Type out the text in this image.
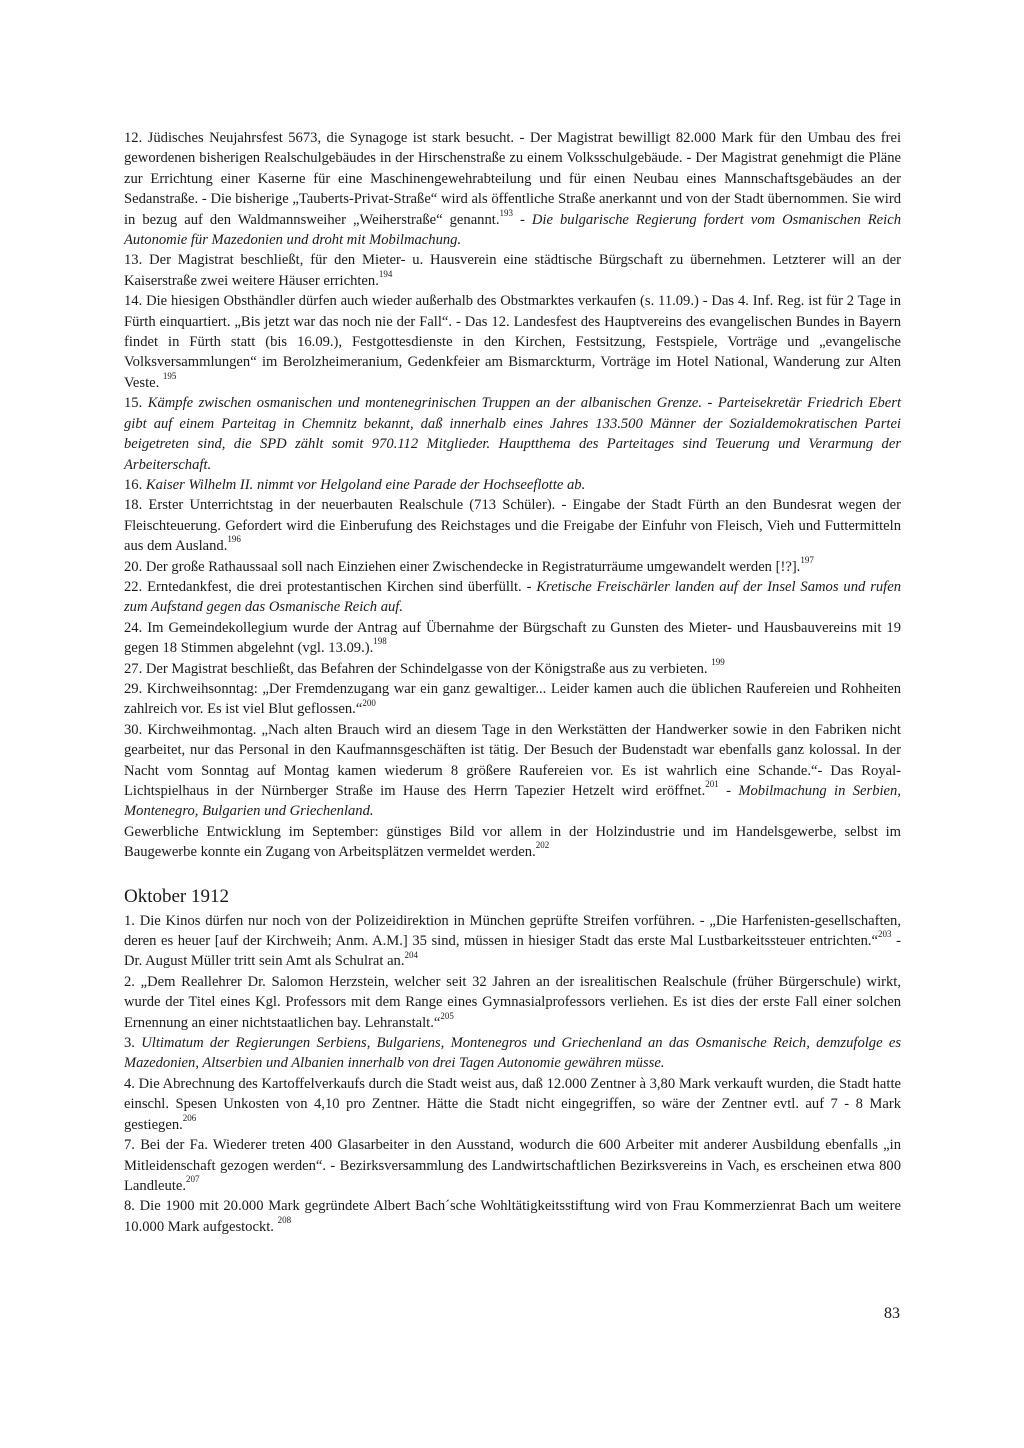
12. Jüdisches Neujahrsfest 5673, die Synagoge ist stark besucht. - Der Magistrat bewilligt 82.000 Mark für den Umbau des frei gewordenen bisherigen Realschulgebäudes in der Hirschenstraße zu einem Volksschulgebäude. - Der Magistrat genehmigt die Pläne zur Errichtung einer Kaserne für eine Maschinengewehrabteilung und für einen Neubau eines Mannschaftsgebäudes an der Sedanstraße. - Die bisherige „Tauberts-Privat-Straße“ wird als öffentliche Straße anerkannt und von der Stadt übernommen. Sie wird in bezug auf den Waldmannsweiher „Weiherstraße“ genannt.$^{193}$ - Die bulgarische Regierung fordert vom Osmanischen Reich Autonomie für Mazedonien und droht mit Mobilmachung.

13. Der Magistrat beschließt, für den Mieter- u. Hausverein eine städtische Bürgschaft zu übernehmen. Letzterer will an der Kaiserstraße zwei weitere Häuser errichten.$^{194}$

14. Die hiesigen Obsthändler dürfen auch wieder außerhalb des Obstmarktes verkaufen (s. 11.09.) - Das 4. Inf. Reg. ist für 2 Tage in Fürth einquartiert. „Bis jetzt war das noch nie der Fall“. - Das 12. Landesfest des Hauptvereins des evangelischen Bundes in Bayern findet in Fürth statt (bis 16.09.), Festgottesdienste in den Kirchen, Festsitzung, Festspiele, Vorträge und „evangelische Volksversammlungen“ im Berolzheimeranium, Gedenkfeier am Bismarckturm, Vorträge im Hotel National, Wanderung zur Alten Veste. $^{195}$

15. Kämpfe zwischen osmanischen und montenegrinischen Truppen an der albanischen Grenze. - Parteisekretär Friedrich Ebert gibt auf einem Parteitag in Chemnitz bekannt, daß innerhalb eines Jahres 133.500 Männer der Sozialdemokratischen Partei beigetreten sind, die SPD zählt somit 970.112 Mitglieder. Hauptthema des Parteitages sind Teuerung und Verarmung der Arbeiterschaft.

16. Kaiser Wilhelm II. nimmt vor Helgoland eine Parade der Hochseeflotte ab.

18. Erster Unterrichtstag in der neuerbauten Realschule (713 Schüler). - Eingabe der Stadt Fürth an den Bundesrat wegen der Fleischteuerung. Gefordert wird die Einberufung des Reichstages und die Freigabe der Einfuhr von Fleisch, Vieh und Futtermitteln aus dem Ausland.$^{196}$

20. Der große Rathaussaal soll nach Einziehen einer Zwischendecke in Registraturräume umgewandelt werden [!?].$^{197}$

22. Erntedankfest, die drei protestantischen Kirchen sind überfüllt. - Kretische Freischärler landen auf der Insel Samos und rufen zum Aufstand gegen das Osmanische Reich auf.

24. Im Gemeindekollegium wurde der Antrag auf Übernahme der Bürgschaft zu Gunsten des Mieter- und Hausbauvereins mit 19 gegen 18 Stimmen abgelehnt (vgl. 13.09.).$^{198}$

27. Der Magistrat beschließt, das Befahren der Schindelgasse von der Königstraße aus zu verbieten. $^{199}$

29. Kirchweihsonntag: „Der Fremdenzugang war ein ganz gewaltiger... Leider kamen auch die üblichen Raufereien und Rohheiten zahlreich vor. Es ist viel Blut geflossen.“$^{200}$

30. Kirchweihmontag. „Nach alten Brauch wird an diesem Tage in den Werkstätten der Handwerker sowie in den Fabriken nicht gearbeitet, nur das Personal in den Kaufmannsgeschäften ist tätig. Der Besuch der Budenstadt war ebenfalls ganz kolossal. In der Nacht vom Sonntag auf Montag kamen wiederum 8 größere Raufereien vor. Es ist wahrlich eine Schande.“- Das Royal-Lichtspielhaus in der Nürnberger Straße im Hause des Herrn Tapezier Hetzelt wird eröffnet.$^{201}$ - Mobilmachung in Serbien, Montenegro, Bulgarien und Griechenland.

Gewerbliche Entwicklung im September: günstiges Bild vor allem in der Holzindustrie und im Handelsgewerbe, selbst im Baugewerbe konnte ein Zugang von Arbeitsplätzen vermeldet werden.$^{202}$

Oktober 1912

1. Die Kinos dürfen nur noch von der Polizeidirektion in München geprüfte Streifen vorführen. - „Die Harfenisten-gesellschaften, deren es heuer [auf der Kirchweih; Anm. A.M.] 35 sind, müssen in hiesiger Stadt das erste Mal Lustbarkeitssteuer entrichten.“$^{203}$ - Dr. August Müller tritt sein Amt als Schulrat an.$^{204}$

2. „Dem Reallehrer Dr. Salomon Herzstein, welcher seit 32 Jahren an der isrealitischen Realschule (früher Bürgerschule) wirkt, wurde der Titel eines Kgl. Professors mit dem Range eines Gymnasialprofessors verliehen. Es ist dies der erste Fall einer solchen Ernennung an einer nichtstaatlichen bay. Lehranstalt.“$^{205}$

3. Ultimatum der Regierungen Serbiens, Bulgariens, Montenegros und Griechenland an das Osmanische Reich, demzufolge es Mazedonien, Altserbien und Albanien innerhalb von drei Tagen Autonomie gewähren müsse.

4. Die Abrechnung des Kartoffelverkaufs durch die Stadt weist aus, daß 12.000 Zentner à 3,80 Mark verkauft wurden, die Stadt hatte einschl. Spesen Unkosten von 4,10 pro Zentner. Hätte die Stadt nicht eingegriffen, so wäre der Zentner evtl. auf 7 - 8 Mark gestiegen.$^{206}$

7. Bei der Fa. Wiederer treten 400 Glasarbeiter in den Ausstand, wodurch die 600 Arbeiter mit anderer Ausbildung ebenfalls „in Mitleidenschaft gezogen werden“. - Bezirksversammlung des Landwirtschaftlichen Bezirksvereins in Vach, es erscheinen etwa 800 Landleute.$^{207}$

8. Die 1900 mit 20.000 Mark gegründete Albert Bach´sche Wohltätigkeitsstiftung wird von Frau Kommerzienrat Bach um weitere 10.000 Mark aufgestockt. $^{208}$

83
